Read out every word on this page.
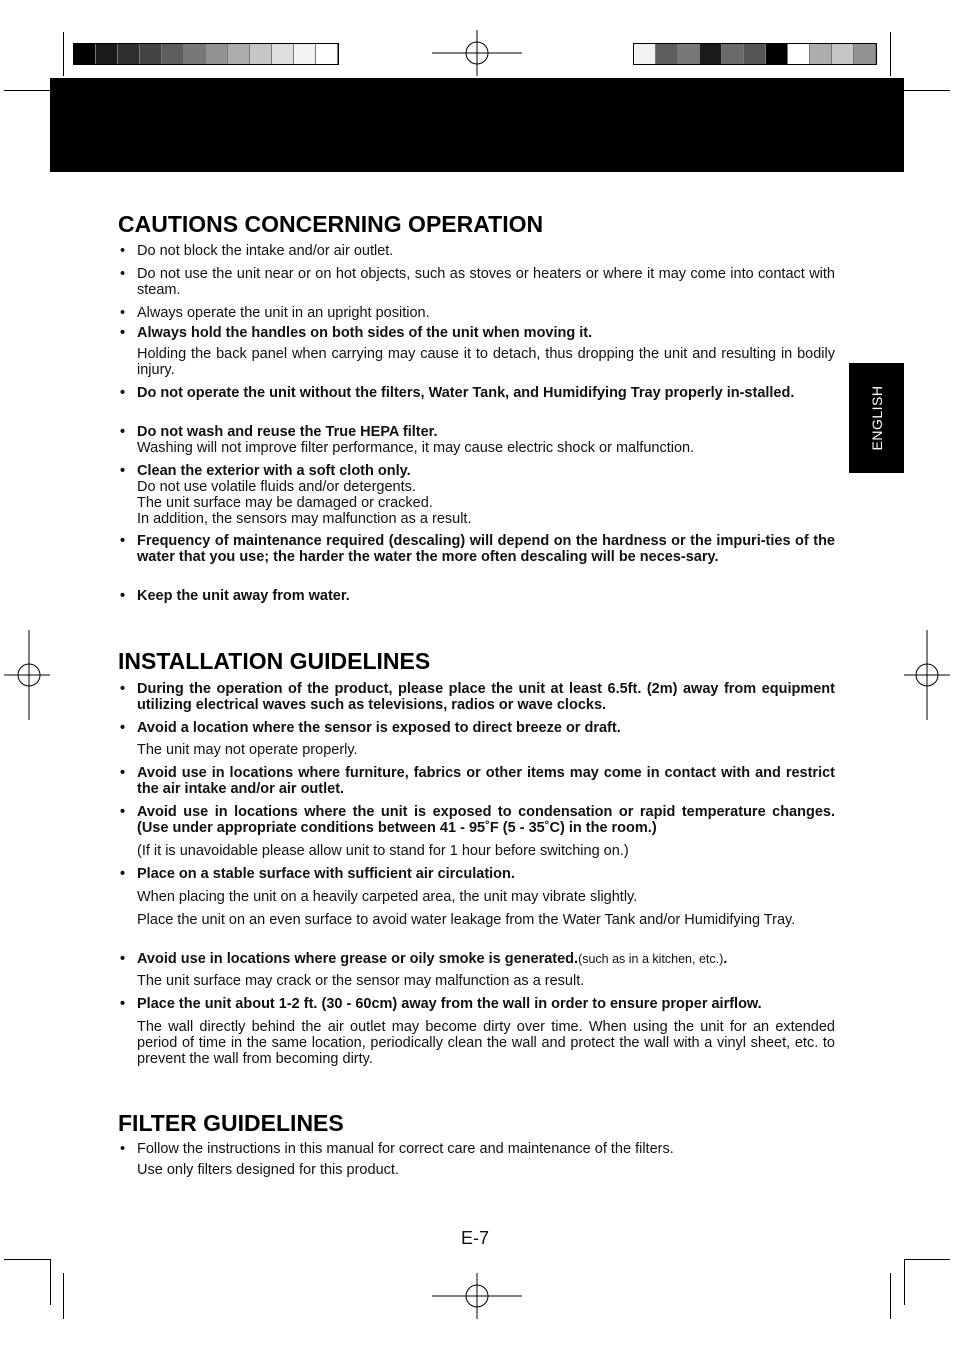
ENGLISH
CAUTIONS CONCERNING OPERATION
• Do not block the intake and/or air outlet.
• Do not use the unit near or on hot objects, such as stoves or heaters or where it may come into contact with steam.
• Always operate the unit in an upright position.
• Always hold the handles on both sides of the unit when moving it.
Holding the back panel when carrying may cause it to detach, thus dropping the unit and resulting in bodily injury.
• Do not operate the unit without the filters, Water Tank, and Humidifying Tray properly in-stalled.
• Do not wash and reuse the True HEPA filter.
Washing will not improve filter performance, it may cause electric shock or malfunction.
• Clean the exterior with a soft cloth only.
Do not use volatile fluids and/or detergents.
The unit surface may be damaged or cracked.
In addition, the sensors may malfunction as a result.
• Frequency of maintenance required (descaling) will depend on the hardness or the impuri-ties of the water that you use; the harder the water the more often descaling will be neces-sary.
• Keep the unit away from water.
INSTALLATION GUIDELINES
• During the operation of the product, please place the unit at least 6.5ft. (2m) away from equipment utilizing electrical waves such as televisions, radios or wave clocks.
• Avoid a location where the sensor is exposed to direct breeze or draft.
The unit may not operate properly.
• Avoid use in locations where furniture, fabrics or other items may come in contact with and restrict the air intake and/or air outlet.
• Avoid use in locations where the unit is exposed to condensation or rapid temperature changes. (Use under appropriate conditions between 41 - 95˚F (5 - 35˚C) in the room.)
(If it is unavoidable please allow unit to stand for 1 hour before switching on.)
• Place on a stable surface with sufficient air circulation.
When placing the unit on a heavily carpeted area, the unit may vibrate slightly.
Place the unit on an even surface to avoid water leakage from the Water Tank and/or Humidifying Tray.
• Avoid use in locations where grease or oily smoke is generated.(such as in a kitchen, etc.).
The unit surface may crack or the sensor may malfunction as a result.
• Place the unit about 1-2 ft. (30 - 60cm) away from the wall in order to ensure proper airflow.
The wall directly behind the air outlet may become dirty over time. When using the unit for an extended period of time in the same location, periodically clean the wall and protect the wall with a vinyl sheet, etc. to prevent the wall from becoming dirty.
FILTER GUIDELINES
• Follow the instructions in this manual for correct care and maintenance of the filters.
Use only filters designed for this product.
E-7
